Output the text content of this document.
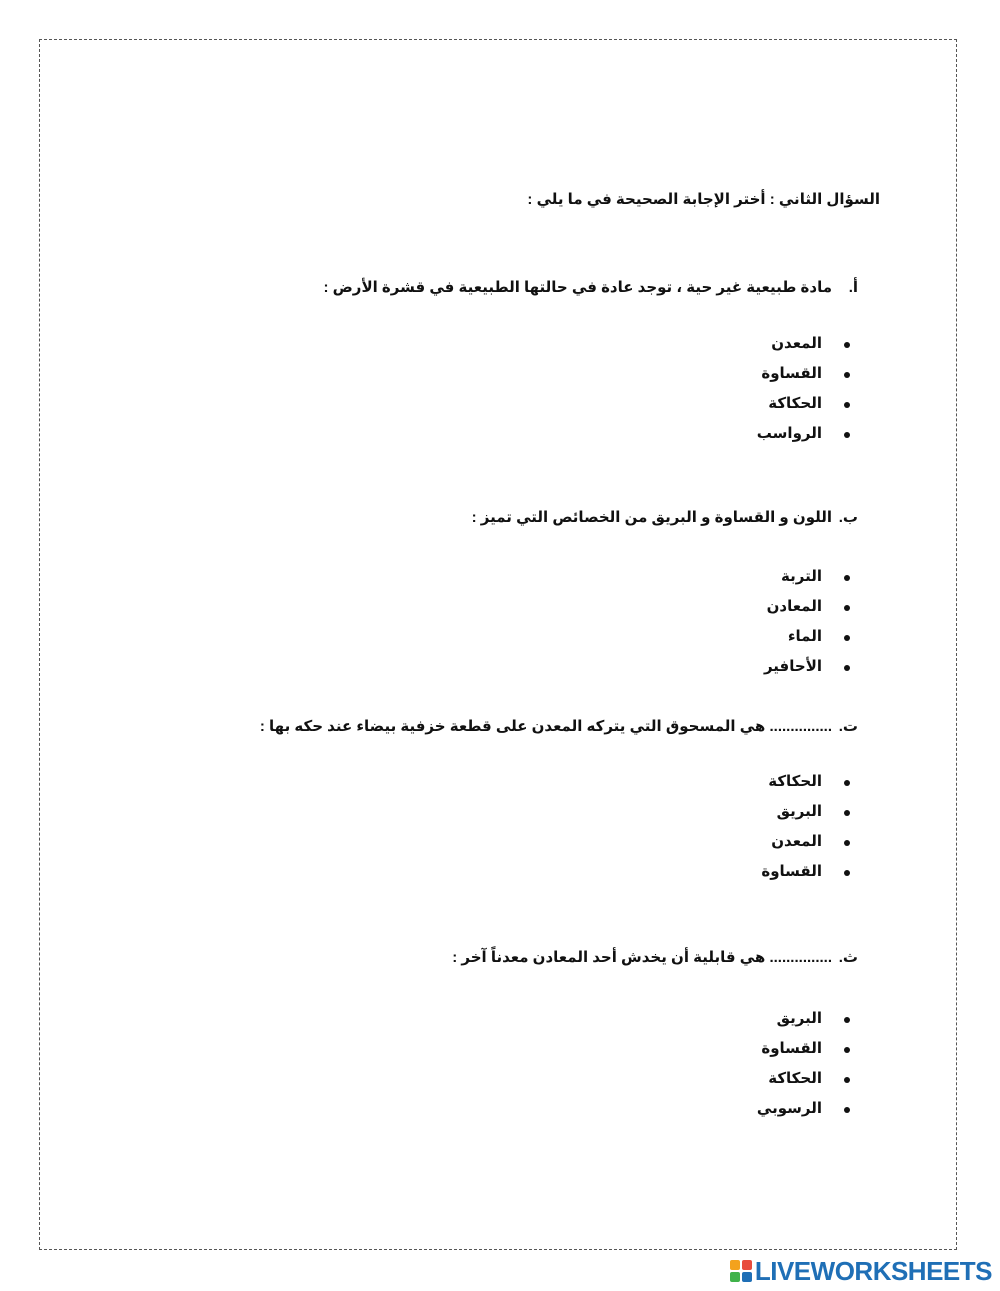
السؤال الثاني : أختر الإجابة الصحيحة في ما يلي :
أ.مادة طبيعية غير حية ، توجد عادة في حالتها الطبيعية في قشرة الأرض :
المعدن
القساوة
الحكاكة
الرواسب
ب.اللون و القساوة و البريق من الخصائص التي تميز :
التربة
المعادن
الماء
الأحافير
ت................ هي المسحوق التي يتركه المعدن على قطعة خزفية بيضاء عند حكه بها :
الحكاكة
البريق
المعدن
القساوة
ث................ هي قابلية أن يخدش أحد المعادن معدناً آخر :
البريق
القساوة
الحكاكة
الرسوبي
LIVEWORKSHEETS
